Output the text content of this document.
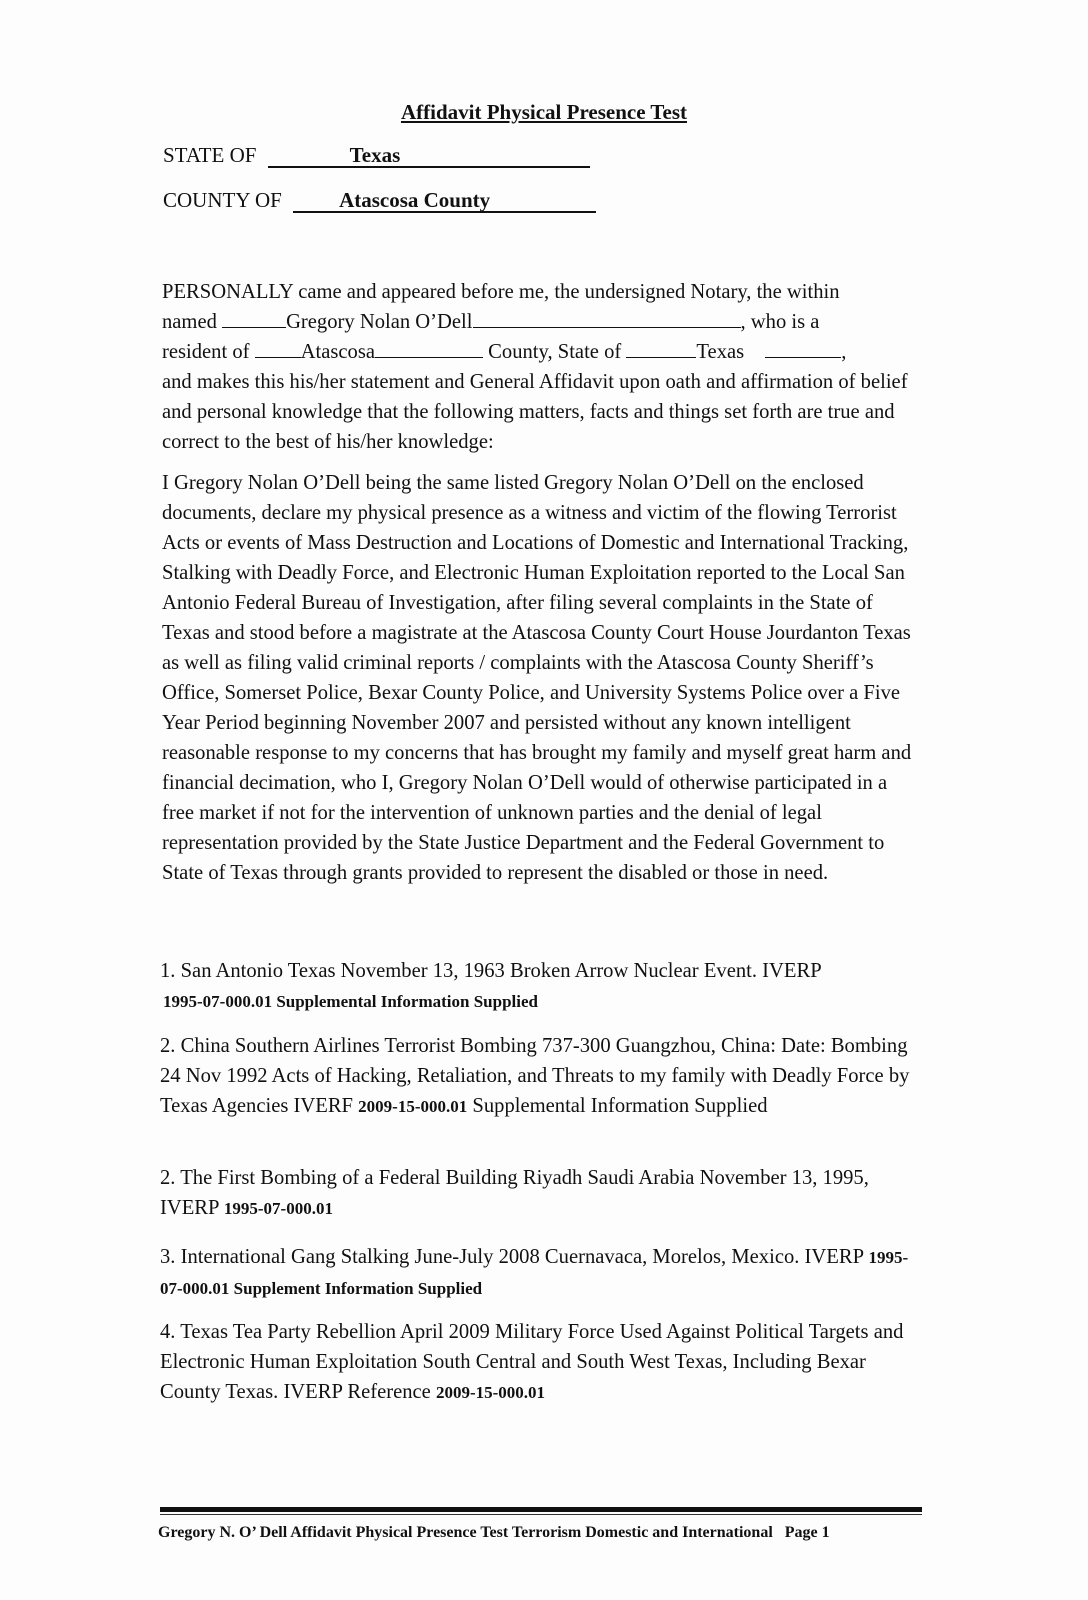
Affidavit Physical Presence Test
STATE OF	Texas
COUNTY OF	Atascosa County
PERSONALLY came and appeared before me, the undersigned Notary, the within
named	Gregory Nolan O’Dell	, who is a
resident of Atascosa	County, State of	Texas	,
and makes this his/her statement and General Affidavit upon oath and affirmation of belief and personal knowledge that the following matters, facts and things set forth are true and correct to the best of his/her knowledge:
I Gregory Nolan O’Dell being the same listed Gregory Nolan O’Dell on the enclosed documents, declare my physical presence as a witness and victim of the flowing Terrorist Acts or events of Mass Destruction and Locations of Domestic and International Tracking, Stalking with Deadly Force, and Electronic Human Exploitation reported to the Local San Antonio Federal Bureau of Investigation, after filing several complaints in the State of Texas and stood before a magistrate at the Atascosa County Court House Jourdanton Texas as well as filing valid criminal reports / complaints with the Atascosa County Sheriff’s Office, Somerset Police, Bexar County Police, and University Systems Police over a Five Year Period beginning November 2007 and persisted without any known intelligent reasonable response to my concerns that has brought my family and myself great harm and financial decimation, who I, Gregory Nolan O’Dell would of otherwise participated in a free market if not for the intervention of unknown parties and the denial of legal representation provided by the State Justice Department and the Federal Government to State of Texas through grants provided to represent the disabled or those in need.
1. San Antonio Texas November 13, 1963 Broken Arrow Nuclear Event. IVERP
1995-07-000.01 Supplemental Information Supplied
2. China Southern Airlines Terrorist Bombing 737-300 Guangzhou, China: Date: Bombing 24 Nov 1992 Acts of Hacking, Retaliation, and Threats to my family with Deadly Force by Texas Agencies IVERF 2009-15-000.01 Supplemental Information Supplied
2. The First Bombing of a Federal Building Riyadh Saudi Arabia November 13, 1995, IVERP 1995-07-000.01
3. International Gang Stalking June-July 2008 Cuernavaca, Morelos, Mexico. IVERP 1995-07-000.01 Supplement Information Supplied
4. Texas Tea Party Rebellion April 2009 Military Force Used Against Political Targets and Electronic Human Exploitation South Central and South West Texas, Including Bexar County Texas. IVERP Reference 2009-15-000.01
Gregory N. O’ Dell Affidavit Physical Presence Test Terrorism Domestic and International Page 1
